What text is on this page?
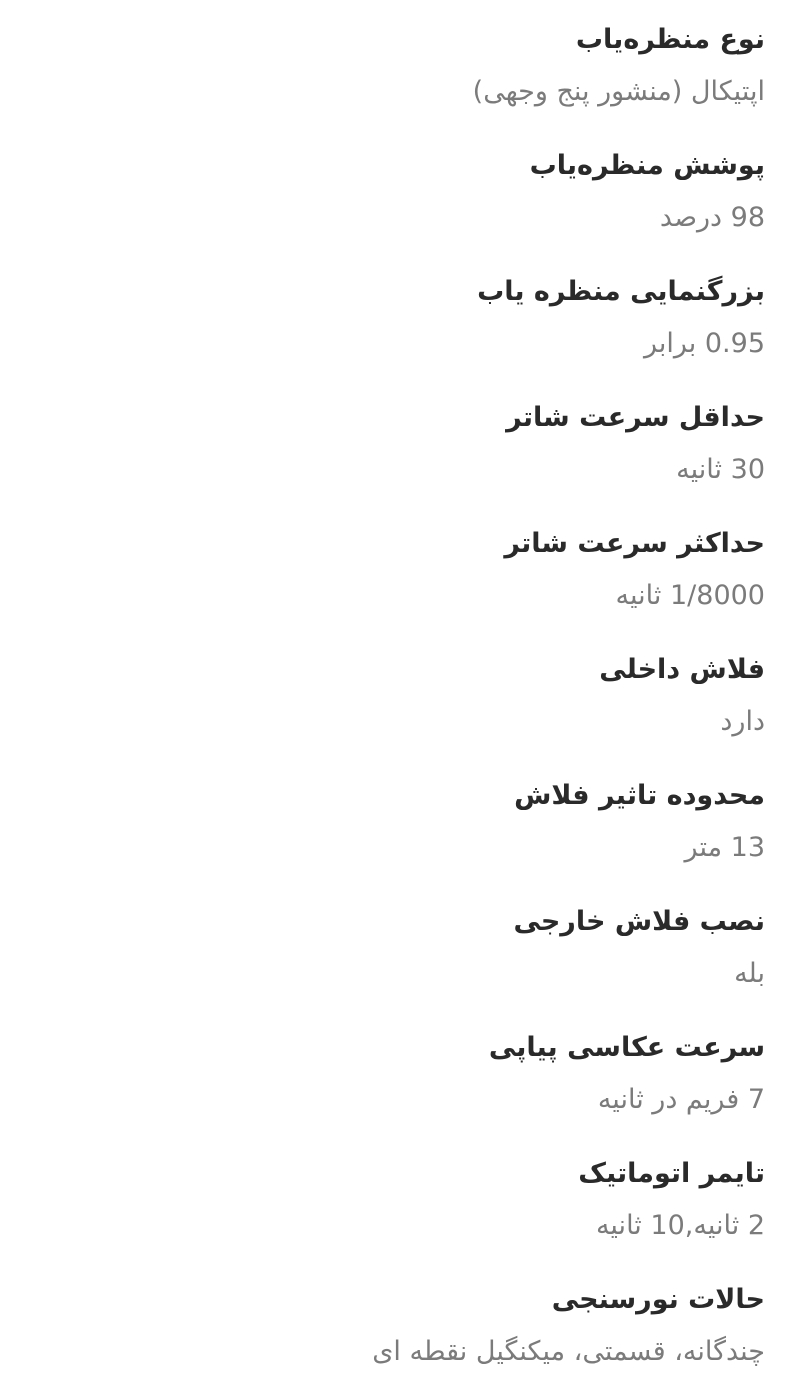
نوع منظره‌یاب
اپتیکال (منشور پنج وجهی)
پوشش منظره‌یاب
98 درصد
بزرگنمایی منظره یاب
0.95 برابر
حداقل سرعت شاتر
30 ثانیه
حداکثر سرعت شاتر
1/8000 ثانیه
فلاش داخلی
دارد
محدوده تاثیر فلاش
13 متر
نصب فلاش خارجی
بله
سرعت عکاسی پیاپی
7 فریم در ثانیه
تایمر اتوماتیک
2 ثانیه,10 ثانیه
حالات نورسنجی
چندگانه، قسمتی، میکنگیل نقطه ای
